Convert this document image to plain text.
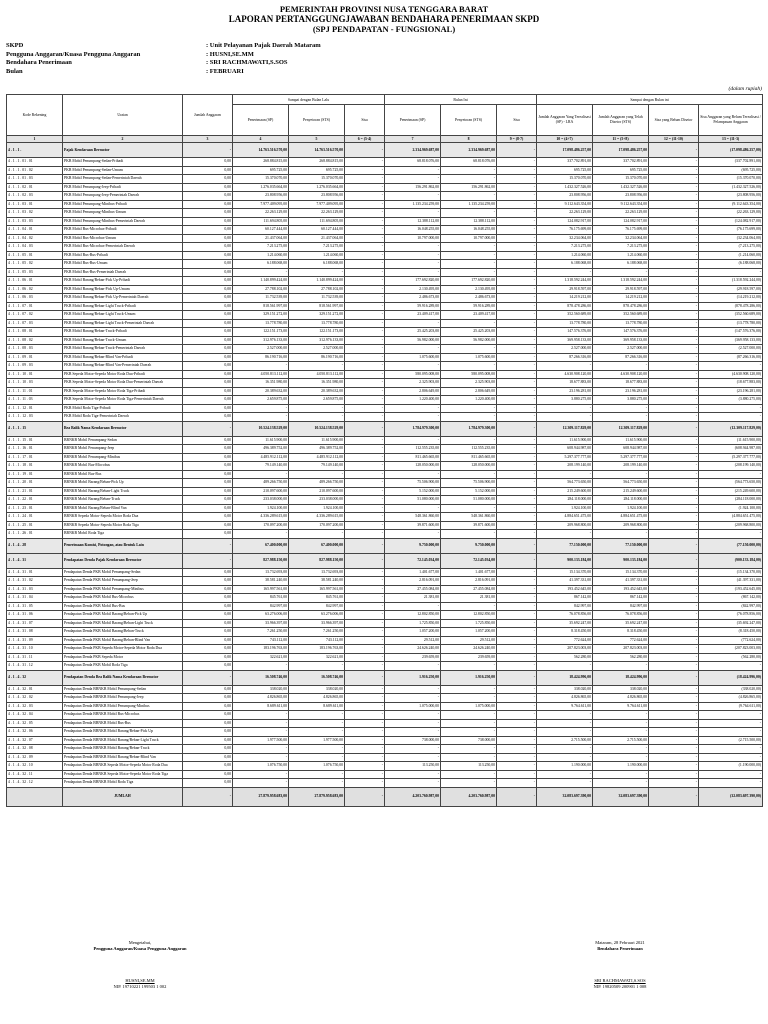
PEMERINTAH PROVINSI NUSA TENGGARA BARAT
LAPORAN PERTANGGUNGJAWABAN BENDAHARA PENERIMAAN SKPD
(SPJ PENDAPATAN - FUNGSIONAL)
SKPD	: Unit Pelayanan Pajak Daerah Mataram
Pengguna Anggaran/Kuasa Pengguna Anggaran	: HUSNI,SE.MM
Bendahara Penerimaan	: SRI RACHMAWATI,S.SOS
Bulan	: FEBRUARI
(dalam rupiah)
Kode Rekening	Uraian	Jumlah Anggaran	Sampai dengan Bulan Lalu			Bulan Ini			Sampai dengan Bulan ini			
			Penerimaan (SP)	Penyetoran (STS)	Sisa	Penerimaan (SP)	Penyetoran (STS)	Sisa	Jumlah Anggaran Yang Terealisasi (SP) - LRA	Jumlah Anggaran yang Telah Disetor (STS)	Sisa yang Belum Disetor	Sisa Anggaran yang Belum Terealisasi / Pelampauan Anggaran
1	2	3	4	5	6 = (5-4)	7	8	9 = (8-7)	10 = (4+7)	11 = (5+8)	12 = (11-10)	13 = (11-3)
4 . 1 . 1 .	Pajak Kendaraan Bermotor	-	14.763.516.570,00	14.763.516.570,00	-	2.334.969.687,00	2.334.969.687,00	-	17.098.486.257,00	17.098.486.257,00	-	(17.098.486.257,00)
4 . 1 . 1 . 01 . 01	PKB Mobil Penumpang-Sedan-Pribadi	0,00	268.884.815,00	268.884.815,00	-	68.818.076,00	68.818.076,00	-	337.702.891,00	337.702.891,00	-	(337.702.891,00)
4 . 1 . 1 . 01 . 02	PKB Mobil Penumpang-Sedan-Umum	0,00	695.725,00	695.725,00	-	-	-	-	695.725,00	695.725,00	-	(695.725,00)
4 . 1 . 1 . 01 . 03	PKB Mobil Penumpang-Sedan-Pemerintah Daerah	0,00	15.370.070,00	15.370.070,00	-	-	-	-	15.370.070,00	15.370.070,00	-	(15.370.070,00)
4 . 1 . 1 . 02 . 01	PKB Mobil Penumpang-Jeep-Pribadi	0,00	1.276.035.664,00	1.276.035.664,00	-	156.291.862,00	156.291.862,00	-	1.432.327.526,00	1.432.327.526,00	-	(1.432.327.526,00)
4 . 1 . 1 . 02 . 03	PKB Mobil Penumpang-Jeep-Pemerintah Daerah	0,00	23.808.956,00	23.808.956,00	-	-	-	-	23.808.956,00	23.808.956,00	-	(23.808.956,00)
4 . 1 . 1 . 03 . 01	PKB Mobil Penumpang-Minibus-Pribadi	0,00	7.977.409.095,00	7.977.409.095,00	-	1.135.234.259,00	1.135.234.259,00	-	9.112.643.354,00	9.112.643.354,00	-	(9.112.643.354,00)
4 . 1 . 1 . 03 . 02	PKB Mobil Penumpang-Minibus-Umum	0,00	22.263.129,00	22.263.129,00	-	-	-	-	22.263.129,00	22.263.129,00	-	(22.263.129,00)
4 . 1 . 1 . 03 . 03	PKB Mobil Penumpang-Minibus-Pemerintah Daerah	0,00	111.694.805,00	111.694.805,00	-	12.388.112,00	12.388.112,00	-	124.082.917,00	124.082.917,00	-	(124.082.917,00)
4 . 1 . 1 . 04 . 01	PKB Mobil Bus-Microbus-Pribadi	0,00	60.127.444,00	60.127.444,00	-	16.048.255,00	16.048.255,00	-	76.175.699,00	76.175.699,00	-	(76.175.699,00)
4 . 1 . 1 . 04 . 02	PKB Mobil Bus-Microbus-Umum	0,00	21.437.064,00	21.437.064,00	-	10.797.000,00	10.797.000,00	-	32.234.064,00	32.234.064,00	-	(32.234.064,00)
4 . 1 . 1 . 04 . 03	PKB Mobil Bus-Microbus-Pemerintah Daerah	0,00	7.213.275,00	7.213.275,00	-	-	-	-	7.213.275,00	7.213.275,00	-	(7.213.275,00)
4 . 1 . 1 . 05 . 01	PKB Mobil Bus-Bus-Pribadi	0,00	1.214.060,00	1.214.060,00	-	-	-	-	1.214.060,00	1.214.060,00	-	(1.214.060,00)
4 . 1 . 1 . 05 . 02	PKB Mobil Bus-Bus-Umum	0,00	6.188.068,00	6.188.068,00	-	-	-	-	6.188.068,00	6.188.068,00	-	(6.188.068,00)
4 . 1 . 1 . 05 . 03	PKB Mobil Bus-Bus-Pemerintah Daerah	0,00	-	-	-	-	-	-	-	-	-	-
4 . 1 . 1 . 06 . 01	PKB Mobil Barang/Beban-Pick Up-Pribadi	0,00	1.140.899.424,00	1.140.899.424,00	-	177.692.820,00	177.692.820,00	-	1.318.592.244,00	1.318.592.244,00	-	(1.318.592.244,00)
4 . 1 . 1 . 06 . 02	PKB Mobil Barang/Beban-Pick Up-Umum	0,00	27.788.102,00	27.788.102,00	-	2.130.495,00	2.130.495,00	-	29.918.597,00	29.918.597,00	-	(29.918.597,00)
4 . 1 . 1 . 06 . 03	PKB Mobil Barang/Beban-Pick Up-Pemerintah Daerah	0,00	11.732.539,00	11.732.539,00	-	2.486.673,00	2.486.673,00	-	14.219.212,00	14.219.212,00	-	(14.219.212,00)
4 . 1 . 1 . 07 . 01	PKB Mobil Barang/Beban-Light Truck-Pribadi	0,00	818.561.997,00	818.561.997,00	-	59.916.289,00	59.916.289,00	-	878.478.286,00	878.478.286,00	-	(878.478.286,00)
4 . 1 . 1 . 07 . 02	PKB Mobil Barang/Beban-Light Truck-Umum	0,00	329.151.272,00	329.151.272,00	-	23.409.417,00	23.409.417,00	-	352.560.689,00	352.560.689,00	-	(352.560.689,00)
4 . 1 . 1 . 07 . 03	PKB Mobil Barang/Beban-Light Truck-Pemerintah Daerah	0,00	13.778.780,00	13.778.780,00	-	-	-	-	13.778.780,00	13.778.780,00	-	(13.778.780,00)
4 . 1 . 1 . 08 . 01	PKB Mobil Barang/Beban-Truck-Pribadi	0,00	122.151.173,00	122.151.173,00	-	25.425.203,00	25.425.203,00	-	147.576.376,00	147.576.376,00	-	(147.576.376,00)
4 . 1 . 1 . 08 . 02	PKB Mobil Barang/Beban-Truck-Umum	0,00	312.976.133,00	312.976.133,00	-	56.982.000,00	56.982.000,00	-	369.958.133,00	369.958.133,00	-	(369.958.133,00)
4 . 1 . 1 . 08 . 03	PKB Mobil Barang/Beban-Truck-Pemerintah Daerah	0,00	2.527.000,00	2.527.000,00	-	-	-	-	2.527.000,00	2.527.000,00	-	(2.527.000,00)
4 . 1 . 1 . 09 . 01	PKB Mobil Barang/Beban-Blind Van-Pribadi	0,00	86.190.716,00	86.190.716,00	-	1.075.600,00	1.075.600,00	-	87.266.316,00	87.266.316,00	-	(87.266.316,00)
4 . 1 . 1 . 09 . 03	PKB Mobil Barang/Beban-Blind Van-Pemerintah Daerah	0,00	-	-	-	-	-	-	-	-	-	-
4 . 1 . 1 . 10 . 01	PKB Sepeda Motor-Sepeda Motor Roda Dua-Pribadi	0,00	4.050.813.112,00	4.050.813.112,00	-	580.095.008,00	580.095.008,00	-	4.630.908.120,00	4.630.908.120,00	-	(4.630.908.120,00)
4 . 1 . 1 . 10 . 03	PKB Sepeda Motor-Sepeda Motor Roda Dua-Pemerintah Daerah	0,00	16.351.980,00	16.351.980,00	-	2.325.903,00	2.325.903,00	-	18.677.883,00	18.677.883,00	-	(18.677.883,00)
4 . 1 . 1 . 11 . 01	PKB Sepeda Motor-Sepeda Motor Roda Tiga-Pribadi	0,00	20.389.632,00	20.389.632,00	-	2.806.649,00	2.806.649,00	-	23.196.281,00	23.196.281,00	-	(23.196.281,00)
4 . 1 . 1 . 11 . 03	PKB Sepeda Motor-Sepeda Motor Roda Tiga-Pemerintah Daerah	0,00	2.659.875,00	2.659.875,00	-	1.220.400,00	1.220.400,00	-	3.880.275,00	3.880.275,00	-	(3.880.275,00)
4 . 1 . 1 . 12 . 01	PKB Mobil Roda Tiga-Pribadi	0,00	-	-	-	-	-	-	-	-	-	-
4 . 1 . 1 . 12 . 03	PKB Mobil Roda Tiga-Pemerintah Daerah	0,00	-	-	-	-	-	-	-	-	-	-
4 . 1 . 1 . 15	Bea Balik Nama Kendaraan Bermotor	-	10.524.138.529,00	10.524.138.529,00	-	1.784.979.300,00	1.784.979.300,00	-	12.309.117.829,00	12.309.117.829,00	-	(12.309.117.829,00)
4 . 1 . 1 . 15 . 01	BBNKB Mobil Penumpang-Sedan	0,00	11.615.900,00	11.615.900,00	-	-	-	-	11.615.900,00	11.615.900,00	-	(11.615.900,00)
4 . 1 . 1 . 16 . 01	BBNKB Mobil Penumpang-Jeep	0,00	496.389.752,00	496.389.752,00	-	112.555.235,00	112.555.235,00	-	608.944.987,00	608.944.987,00	-	(608.944.987,00)
4 . 1 . 1 . 17 . 01	BBNKB Mobil Penumpang-Minibus	0,00	4.485.912.112,00	4.485.912.112,00	-	811.465.665,00	811.465.665,00	-	5.297.377.777,00	5.297.377.777,00	-	(5.297.377.777,00)
4 . 1 . 1 . 18 . 01	BBNKB Mobil Bus-Microbus	0,00	79.149.140,00	79.149.140,00	-	128.050.000,00	128.050.000,00	-	208.199.140,00	208.199.140,00	-	(208.199.140,00)
4 . 1 . 1 . 19 . 01	BBNKB Mobil Bus-Bus	0,00	-	-	-	-	-	-	-	-	-	-
4 . 1 . 1 . 20 . 01	BBNKB Mobil Barang/Beban-Pick Up	0,00	489.266.750,00	489.266.750,00	-	75.506.900,00	75.506.900,00	-	564.773.650,00	564.773.650,00	-	(564.773.650,00)
4 . 1 . 1 . 21 . 01	BBNKB Mobil Barang/Beban-Light Truck	0,00	210.097.600,00	210.097.600,00	-	5.152.000,00	5.152.000,00	-	215.249.600,00	215.249.600,00	-	(215.249.600,00)
4 . 1 . 1 . 22 . 01	BBNKB Mobil Barang/Beban-Truck	0,00	233.038.000,00	233.038.000,00	-	51.080.000,00	51.080.000,00	-	284.118.000,00	284.118.000,00	-	(284.118.000,00)
4 . 1 . 1 . 23 . 01	BBNKB Mobil Barang/Beban-Blind Van	0,00	1.924.100,00	1.924.100,00	-	-	-	-	1.924.100,00	1.924.100,00	-	(1.924.100,00)
4 . 1 . 1 . 24 . 01	BBNKB Sepeda Motor-Sepeda Motor Roda Dua	0,00	4.336.289.615,00	4.336.289.615,00	-	548.361.860,00	548.361.860,00	-	4.884.651.475,00	4.884.651.475,00	-	(4.884.651.475,00)
4 . 1 . 1 . 25 . 01	BBNKB Sepeda Motor-Sepeda Motor Roda Tiga	0,00	170.097.200,00	170.097.200,00	-	39.871.600,00	39.871.600,00	-	209.968.800,00	209.968.800,00	-	(209.968.800,00)
4 . 1 . 1 . 26 . 01	BBNKB Mobil Roda Tiga	0,00	-	-	-	-	-	-	-	-	-	-
4 . 1 . 4 . 28	Penerimaan Komisi, Potongan, atau Bentuk Lain	-	67.400.000,00	67.400.000,00	-	9.750.000,00	9.750.000,00	-	77.150.000,00	77.150.000,00	-	(77.150.000,00)
4 . 1 . 4 . 31	Pendapatan Denda Pajak Kendaraan Bermotor	-	827.988.150,00	827.988.150,00	-	72.145.034,00	72.145.034,00	-	900.133.184,00	900.133.184,00	-	(900.133.184,00)
4 . 1 . 4 . 31 . 01	Pendapatan Denda PKB Mobil Penumpang-Sedan	0,00	13.732.693,00	13.732.693,00	-	1.401.677,00	1.401.677,00	-	15.134.370,00	15.134.370,00	-	(15.134.370,00)
4 . 1 . 4 . 31 . 02	Pendapatan Denda PKB Mobil Penumpang-Jeep	0,00	38.581.240,00	38.581.240,00	-	2.816.091,00	2.816.091,00	-	41.397.331,00	41.397.331,00	-	(41.397.331,00)
4 . 1 . 4 . 31 . 03	Pendapatan Denda PKB Mobil Penumpang-Minibus	0,00	165.997.561,00	165.997.561,00	-	27.455.084,00	27.455.084,00	-	193.452.645,00	193.452.645,00	-	(193.452.645,00)
4 . 1 . 4 . 31 . 04	Pendapatan Denda PKB Mobil Bus-Microbus	0,00	845.761,00	845.761,00	-	21.381,00	21.381,00	-	867.142,00	867.142,00	-	(867.142,00)
4 . 1 . 4 . 31 . 05	Pendapatan Denda PKB Mobil Bus-Bus	0,00	842.997,00	842.997,00	-	-	-	-	842.997,00	842.997,00	-	(842.997,00)
4 . 1 . 4 . 31 . 06	Pendapatan Denda PKB Mobil Barang/Beban-Pick Up	0,00	63.276.006,00	63.276.006,00	-	12.802.850,00	12.802.850,00	-	76.078.856,00	76.078.856,00	-	(76.078.856,00)
4 . 1 . 4 . 31 . 07	Pendapatan Denda PKB Mobil Barang/Beban-Light Truck	0,00	33.966.397,00	33.966.397,00	-	1.725.850,00	1.725.850,00	-	35.692.247,00	35.692.247,00	-	(35.692.247,00)
4 . 1 . 4 . 31 . 08	Pendapatan Denda PKB Mobil Barang/Beban-Truck	0,00	7.261.250,00	7.261.250,00	-	1.057.200,00	1.057.200,00	-	8.318.450,00	8.318.450,00	-	(8.318.450,00)
4 . 1 . 4 . 31 . 09	Pendapatan Denda PKB Mobil Barang/Beban-Blind Van	0,00	743.112,00	743.112,00	-	29.512,00	29.512,00	-	772.624,00	772.624,00	-	(772.624,00)
4 . 1 . 4 . 31 . 10	Pendapatan Denda PKB Sepeda Motor-Sepeda Motor Roda Dua	0,00	183.196.763,00	183.196.763,00	-	24.626.240,00	24.626.240,00	-	207.823.003,00	207.823.003,00	-	(207.823.003,00)
4 . 1 . 4 . 31 . 11	Pendapatan Denda PKB Sepeda Motor	0,00	322.621,00	322.621,00	-	239.659,00	239.659,00	-	562.280,00	562.280,00	-	(562.280,00)
4 . 1 . 4 . 31 . 12	Pendapatan Denda PKB Mobil Roda Tiga	0,00	-	-	-	-	-	-	-	-	-	-
4 . 1 . 4 . 32	Pendapatan Denda Bea Balik Nama Kendaraan Bermotor	-	16.508.746,00	16.508.746,00	-	1.916.250,00	1.916.250,00	-	18.424.996,00	18.424.996,00	-	(18.424.996,00)
4 . 1 . 4 . 32 . 01	Pendapatan Denda BBNKB Mobil Penumpang-Sedan	0,00	338.020,00	338.020,00	-	-	-	-	338.020,00	338.020,00	-	(338.020,00)
4 . 1 . 4 . 32 . 02	Pendapatan Denda BBNKB Mobil Penumpang-Jeep	0,00	4.826.865,00	4.826.865,00	-	-	-	-	4.826.865,00	4.826.865,00	-	(4.826.865,00)
4 . 1 . 4 . 32 . 03	Pendapatan Denda BBNKB Mobil Penumpang-Minibus	0,00	8.689.611,00	8.689.611,00	-	1.075.000,00	1.075.000,00	-	9.764.611,00	9.764.611,00	-	(9.764.611,00)
4 . 1 . 4 . 32 . 04	Pendapatan Denda BBNKB Mobil Bus-Microbus	0,00	-	-	-	-	-	-	-	-	-	-
4 . 1 . 4 . 32 . 05	Pendapatan Denda BBNKB Mobil Bus-Bus	0,00	-	-	-	-	-	-	-	-	-	-
4 . 1 . 4 . 32 . 06	Pendapatan Denda BBNKB Mobil Barang/Beban-Pick Up	0,00	-	-	-	-	-	-	-	-	-	-
4 . 1 . 4 . 32 . 07	Pendapatan Denda BBNKB Mobil Barang/Beban-Light Truck	0,00	1.977.500,00	1.977.500,00	-	738.000,00	738.000,00	-	2.715.500,00	2.715.500,00	-	(2.715.500,00)
4 . 1 . 4 . 32 . 08	Pendapatan Denda BBNKB Mobil Barang/Beban-Truck	0,00	-	-	-	-	-	-	-	-	-	-
4 . 1 . 4 . 32 . 09	Pendapatan Denda BBNKB Mobil Barang/Beban-Blind Van	0,00	-	-	-	-	-	-	-	-	-	-
4 . 1 . 4 . 32 . 10	Pendapatan Denda BBNKB Sepeda Motor-Sepeda Motor Roda Dua	0,00	1.076.750,00	1.076.750,00	-	113.250,00	113.250,00	-	1.190.000,00	1.190.000,00	-	(1.190.000,00)
4 . 1 . 4 . 32 . 11	Pendapatan Denda BBNKB Sepeda Motor-Sepeda Motor Roda Tiga	0,00	-	-	-	-	-	-	-	-	-	-
4 . 1 . 4 . 32 . 12	Pendapatan Denda BBNKB Mobil Roda Tiga	0,00	-	-	-	-	-	-	-	-	-	-
	JUMLAH	-	27.879.958.683,00	27.879.958.683,00	-	4.203.760.987,00	4.203.760.987,00	-	32.083.697.390,00	32.083.697.390,00	-	(32.083.697.390,00)
Mengetahui,
Pengguna Anggaran/Kuasa Pengguna Anggaran
HUSNI,SE.MM
NIP. 19710221 199503 1 002
Mataram, 28 Februari 2021
Bendahara Penerimaan
SRI RACHMAWATI,S.SOS
NIP. 19820509 200901 1 008
